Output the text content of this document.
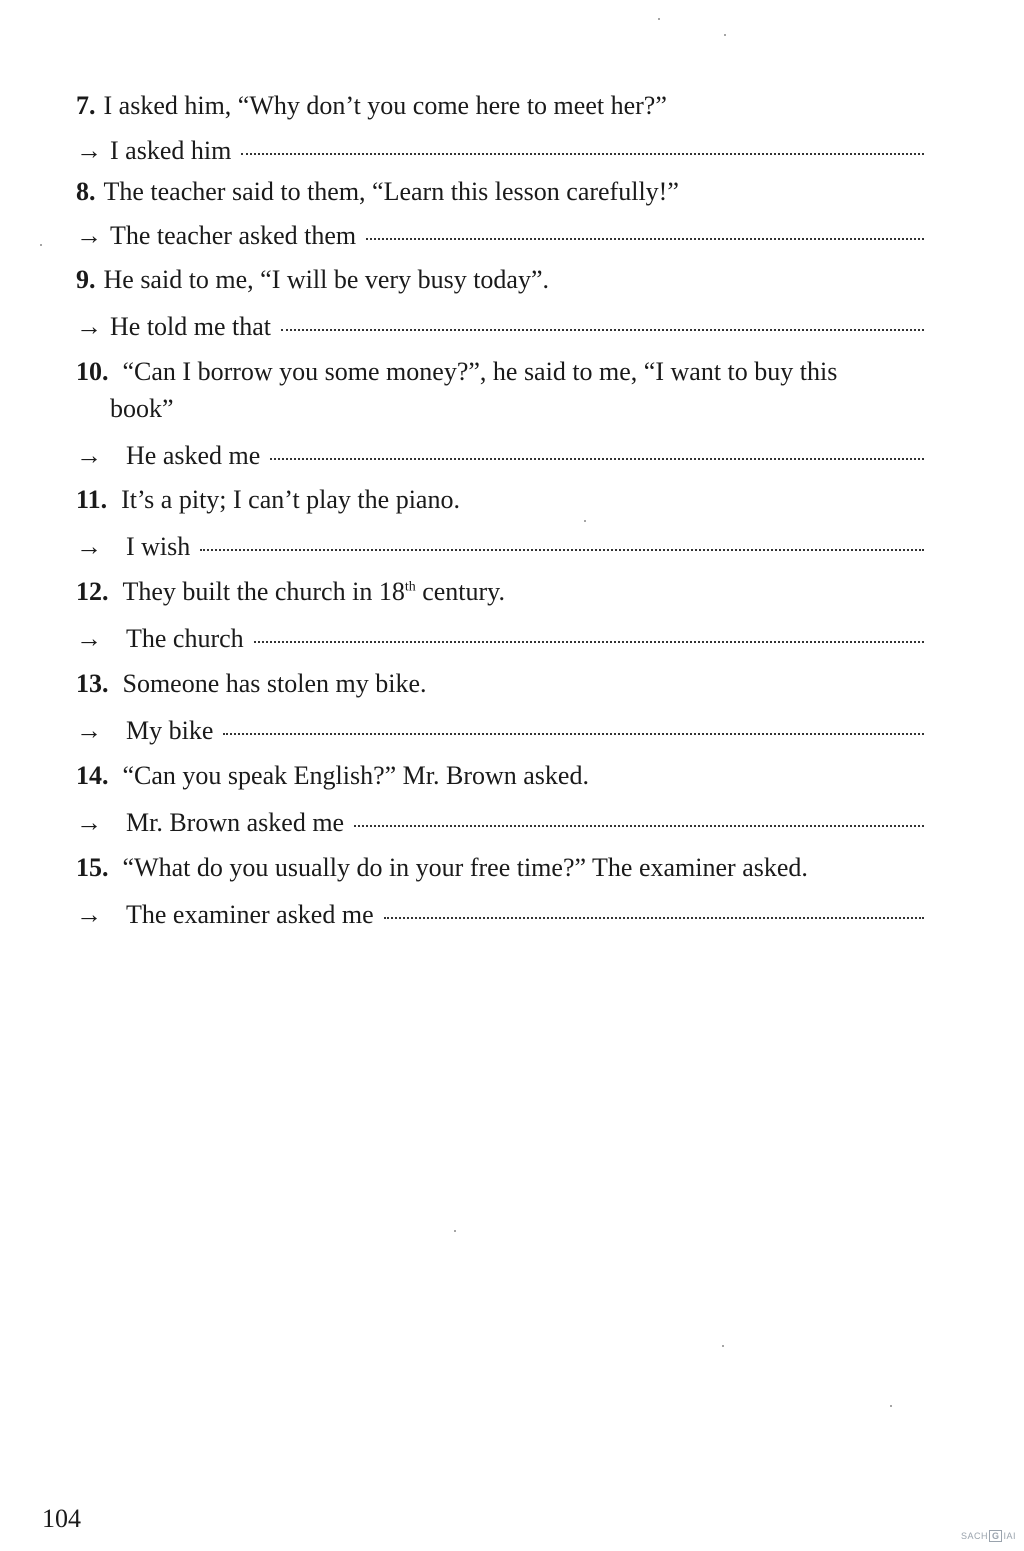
7. I asked him, “Why don’t you come here to meet her?”
→ I asked him
8. The teacher said to them, “Learn this lesson carefully!”
→ The teacher asked them
9. He said to me, “I will be very busy today”.
→ He told me that
10. “Can I borrow you some money?”, he said to me, “I want to buy this
book”
→ He asked me
11. It’s a pity; I can’t play the piano.
→ I wish
12. They built the church in 18th century.
→ The church
13. Someone has stolen my bike.
→ My bike
14. “Can you speak English?” Mr. Brown asked.
→ Mr. Brown asked me
15. “What do you usually do in your free time?” The examiner asked.
→ The examiner asked me
104
SACH G IAI
